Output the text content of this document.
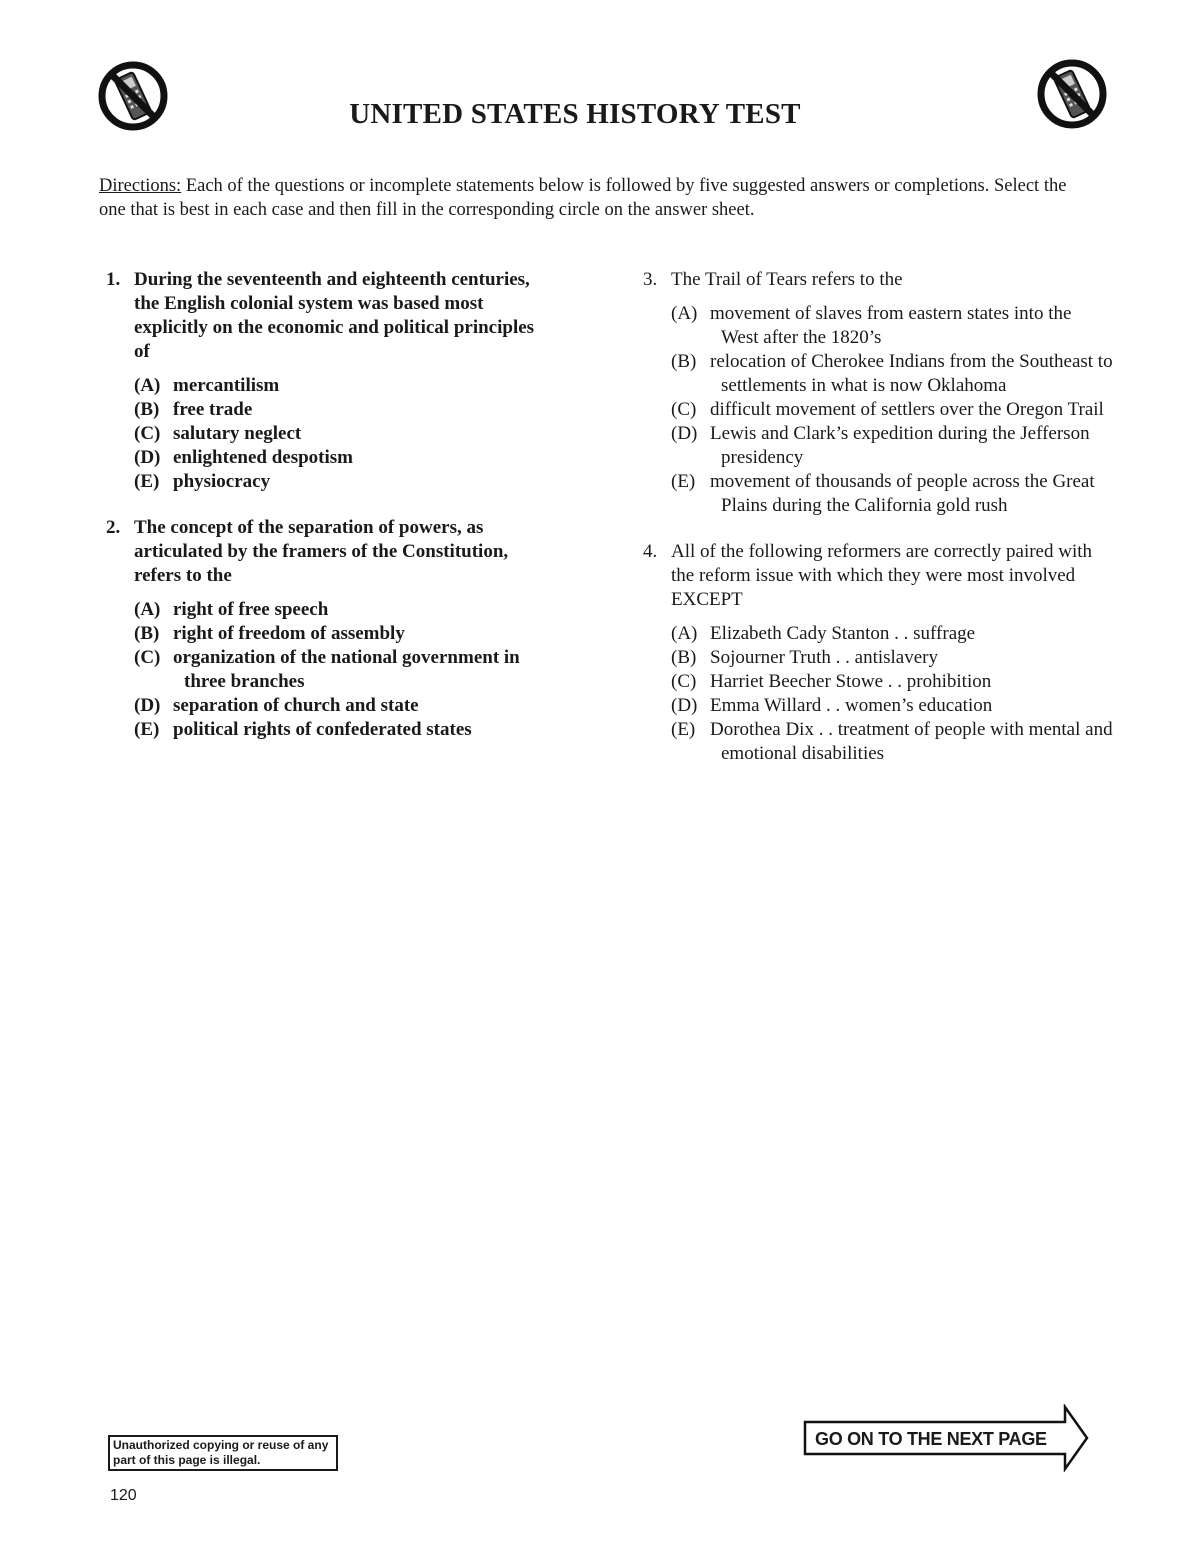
UNITED STATES HISTORY TEST
Directions: Each of the questions or incomplete statements below is followed by five suggested answers or completions. Select the one that is best in each case and then fill in the corresponding circle on the answer sheet.
1. During the seventeenth and eighteenth centuries, the English colonial system was based most explicitly on the economic and political principles of
(A) mercantilism
(B) free trade
(C) salutary neglect
(D) enlightened despotism
(E) physiocracy
2. The concept of the separation of powers, as articulated by the framers of the Constitution, refers to the
(A) right of free speech
(B) right of freedom of assembly
(C) organization of the national government in three branches
(D) separation of church and state
(E) political rights of confederated states
3. The Trail of Tears refers to the
(A) movement of slaves from eastern states into the West after the 1820’s
(B) relocation of Cherokee Indians from the Southeast to settlements in what is now Oklahoma
(C) difficult movement of settlers over the Oregon Trail
(D) Lewis and Clark’s expedition during the Jefferson presidency
(E) movement of thousands of people across the Great Plains during the California gold rush
4. All of the following reformers are correctly paired with the reform issue with which they were most involved EXCEPT
(A) Elizabeth Cady Stanton . . suffrage
(B) Sojourner Truth . . antislavery
(C) Harriet Beecher Stowe . . prohibition
(D) Emma Willard . . women’s education
(E) Dorothea Dix . . treatment of people with mental and emotional disabilities
Unauthorized copying or reuse of any part of this page is illegal.
120
GO ON TO THE NEXT PAGE
